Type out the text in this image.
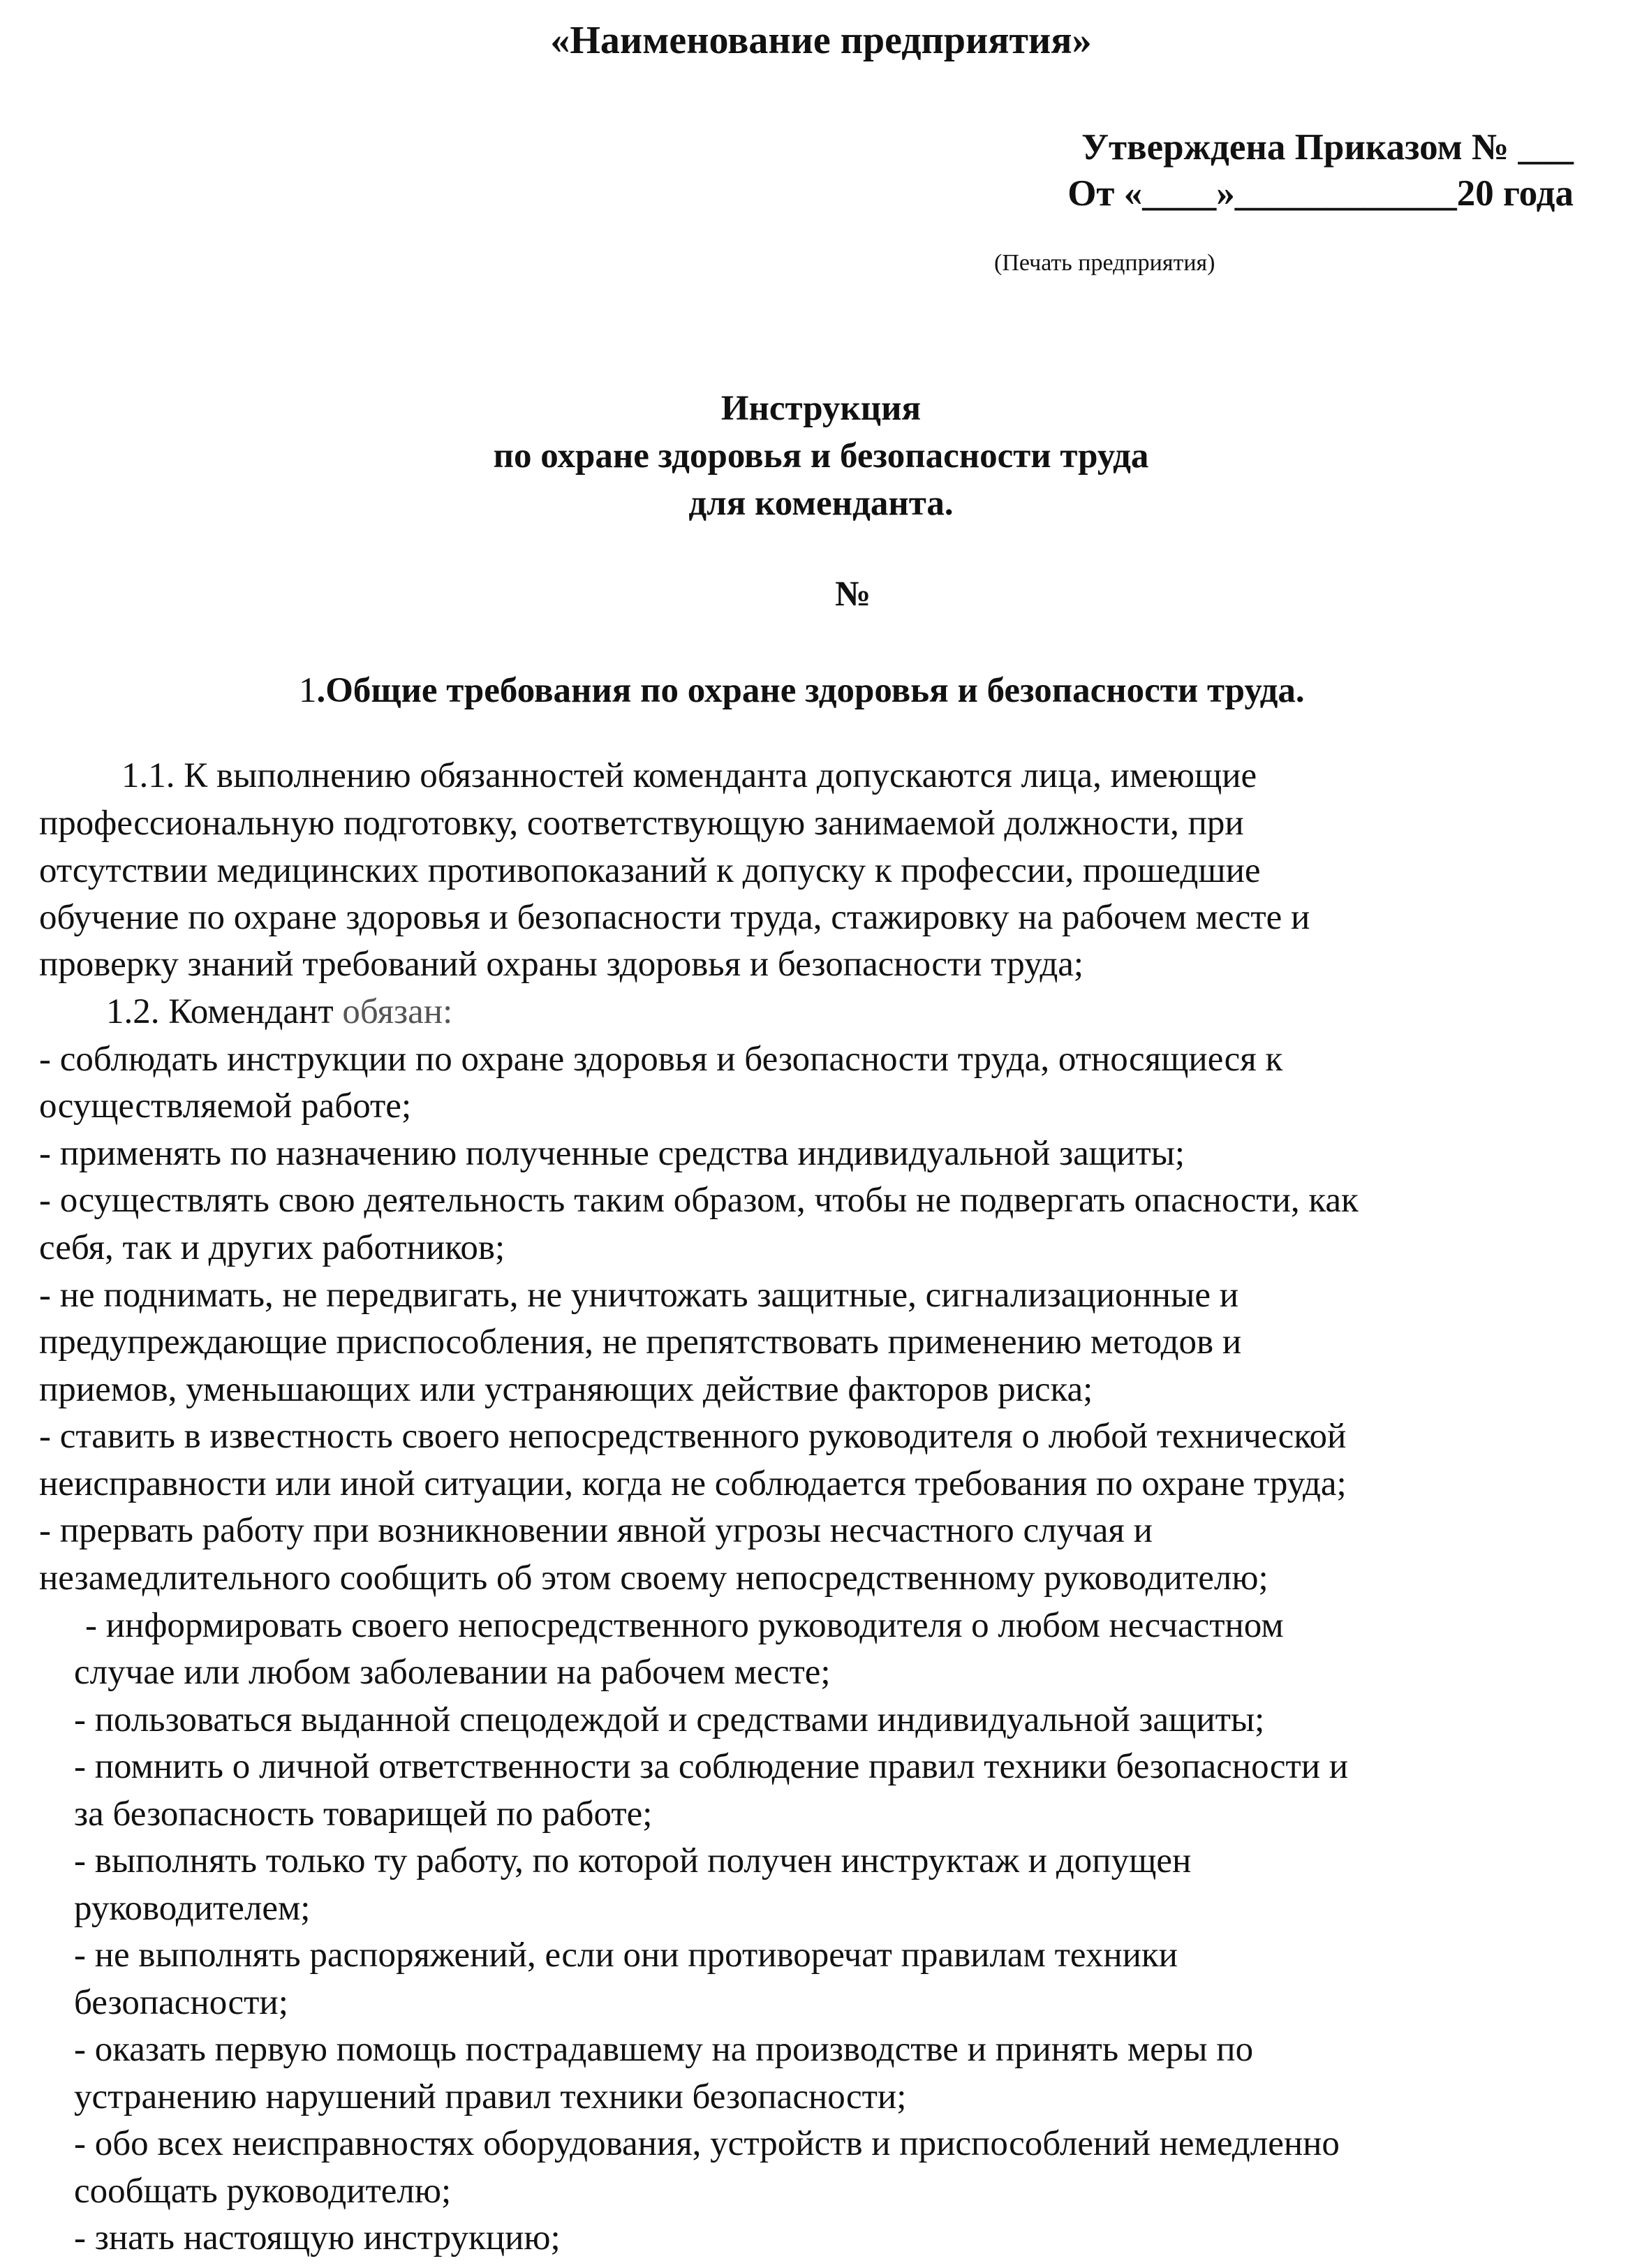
«Наименование предприятия»
Утверждена Приказом № ___
От «____»____________20 года
(Печать предприятия)
Инструкция
по охране здоровья и безопасности труда
для коменданта.
№
1.Общие требования по охране здоровья и безопасности труда.
1.1. К выполнению обязанностей коменданта допускаются лица, имеющие
профессиональную подготовку, соответствующую занимаемой должности, при
отсутствии медицинских противопоказаний к допуску к профессии, прошедшие
обучение по охране здоровья и безопасности труда, стажировку на рабочем месте и
проверку знаний требований охраны здоровья и безопасности труда;
1.2. Комендант обязан:
- соблюдать инструкции по охране здоровья и безопасности труда, относящиеся к
осуществляемой работе;
- применять по назначению полученные средства индивидуальной защиты;
- осуществлять свою деятельность таким образом, чтобы не подвергать опасности, как
себя, так и других работников;
- не поднимать, не передвигать, не уничтожать защитные, сигнализационные и
предупреждающие приспособления, не препятствовать применению методов и
приемов, уменьшающих или устраняющих действие факторов риска;
- ставить в известность своего непосредственного руководителя о любой технической
неисправности или иной ситуации, когда не соблюдается требования по охране труда;
- прервать работу при возникновении явной угрозы несчастного случая и
незамедлительного сообщить об этом своему непосредственному руководителю;
- информировать своего непосредственного руководителя о любом несчастном
случае или любом заболевании на рабочем месте;
- пользоваться выданной спецодеждой и средствами индивидуальной защиты;
- помнить о личной ответственности за соблюдение правил техники безопасности и
за безопасность товарищей по работе;
- выполнять только ту работу, по которой получен инструктаж и допущен
руководителем;
- не выполнять распоряжений, если они противоречат правилам техники
безопасности;
- оказать первую помощь пострадавшему на производстве и принять меры по
устранению нарушений правил техники безопасности;
- обо всех неисправностях оборудования, устройств и приспособлений немедленно
сообщать руководителю;
- знать настоящую инструкцию;
